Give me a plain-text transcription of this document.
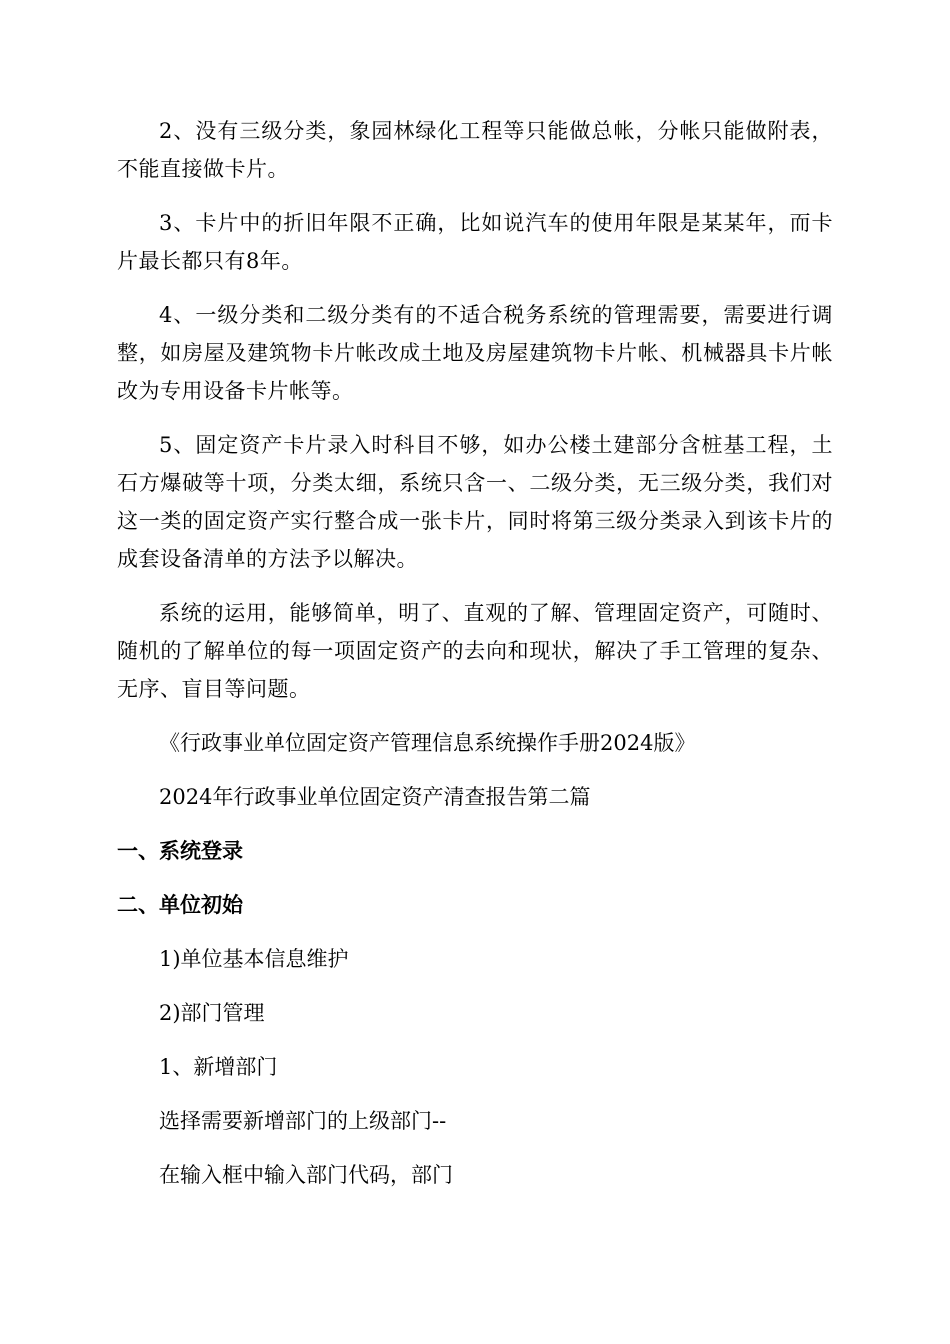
2、没有三级分类，象园林绿化工程等只能做总帐，分帐只能做附表，不能直接做卡片。

3、卡片中的折旧年限不正确，比如说汽车的使用年限是某某年，而卡片最长都只有8年。

4、一级分类和二级分类有的不适合税务系统的管理需要，需要进行调整，如房屋及建筑物卡片帐改成土地及房屋建筑物卡片帐、机械器具卡片帐改为专用设备卡片帐等。

5、固定资产卡片录入时科目不够，如办公楼土建部分含桩基工程，土石方爆破等十项，分类太细，系统只含一、二级分类，无三级分类，我们对这一类的固定资产实行整合成一张卡片，同时将第三级分类录入到该卡片的成套设备清单的方法予以解决。

系统的运用，能够简单，明了、直观的了解、管理固定资产，可随时、随机的了解单位的每一项固定资产的去向和现状，解决了手工管理的复杂、无序、盲目等问题。

《行政事业单位固定资产管理信息系统操作手册2024版》

2024年行政事业单位固定资产清查报告第二篇

一、系统登录

二、单位初始

1)单位基本信息维护

2)部门管理

1、新增部门

选择需要新增部门的上级部门--

在输入框中输入部门代码，部门
